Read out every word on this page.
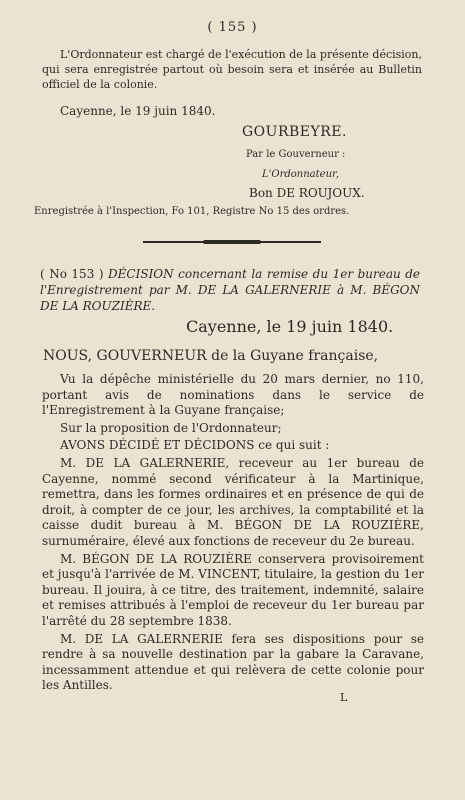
( 155 )
L'Ordonnateur est chargé de l'exécution de la présente décision, qui sera enregistrée partout où besoin sera et insérée au Bulletin officiel de la colonie.
Cayenne, le 19 juin 1840.
GOURBEYRE.
Par le Gouverneur :
L'Ordonnateur,
Bon DE ROUJOUX.
Enregistrée à l'Inspection, Fo 101, Registre No 15 des ordres.
( No 153 ) DÉCISION concernant la remise du 1er bureau de l'Enregistrement par M. DE LA GALERNERIE à M. BÉGON DE LA ROUZIÈRE.
Cayenne, le 19 juin 1840.
NOUS, GOUVERNEUR de la Guyane française,

Vu la dépêche ministérielle du 20 mars dernier, no 110, portant avis de nominations dans le service de l'Enregistrement à la Guyane française;

Sur la proposition de l'Ordonnateur;

AVONS DÉCIDÉ ET DÉCIDONS ce qui suit :

M. DE LA GALERNERIE, receveur au 1er bureau de Cayenne, nommé second vérificateur à la Martinique, remettra, dans les formes ordinaires et en présence de qui de droit, à compter de ce jour, les archives, la comptabilité et la caisse dudit bureau à M. BÉGON DE LA ROUZIÈRE, surnuméraire, élevé aux fonctions de receveur du 2e bureau.

M. BÉGON DE LA ROUZIÈRE conservera provisoirement et jusqu'à l'arrivée de M. VINCENT, titulaire, la gestion du 1er bureau. Il jouira, à ce titre, des traitement, indemnité, salaire et remises attribués à l'emploi de receveur du 1er bureau par l'arrêté du 28 septembre 1838.

M. DE LA GALERNERIE fera ses dispositions pour se rendre à sa nouvelle destination par la gabare la Caravane, incessamment attendue et qui relèvera de cette colonie pour les Antilles.

L
